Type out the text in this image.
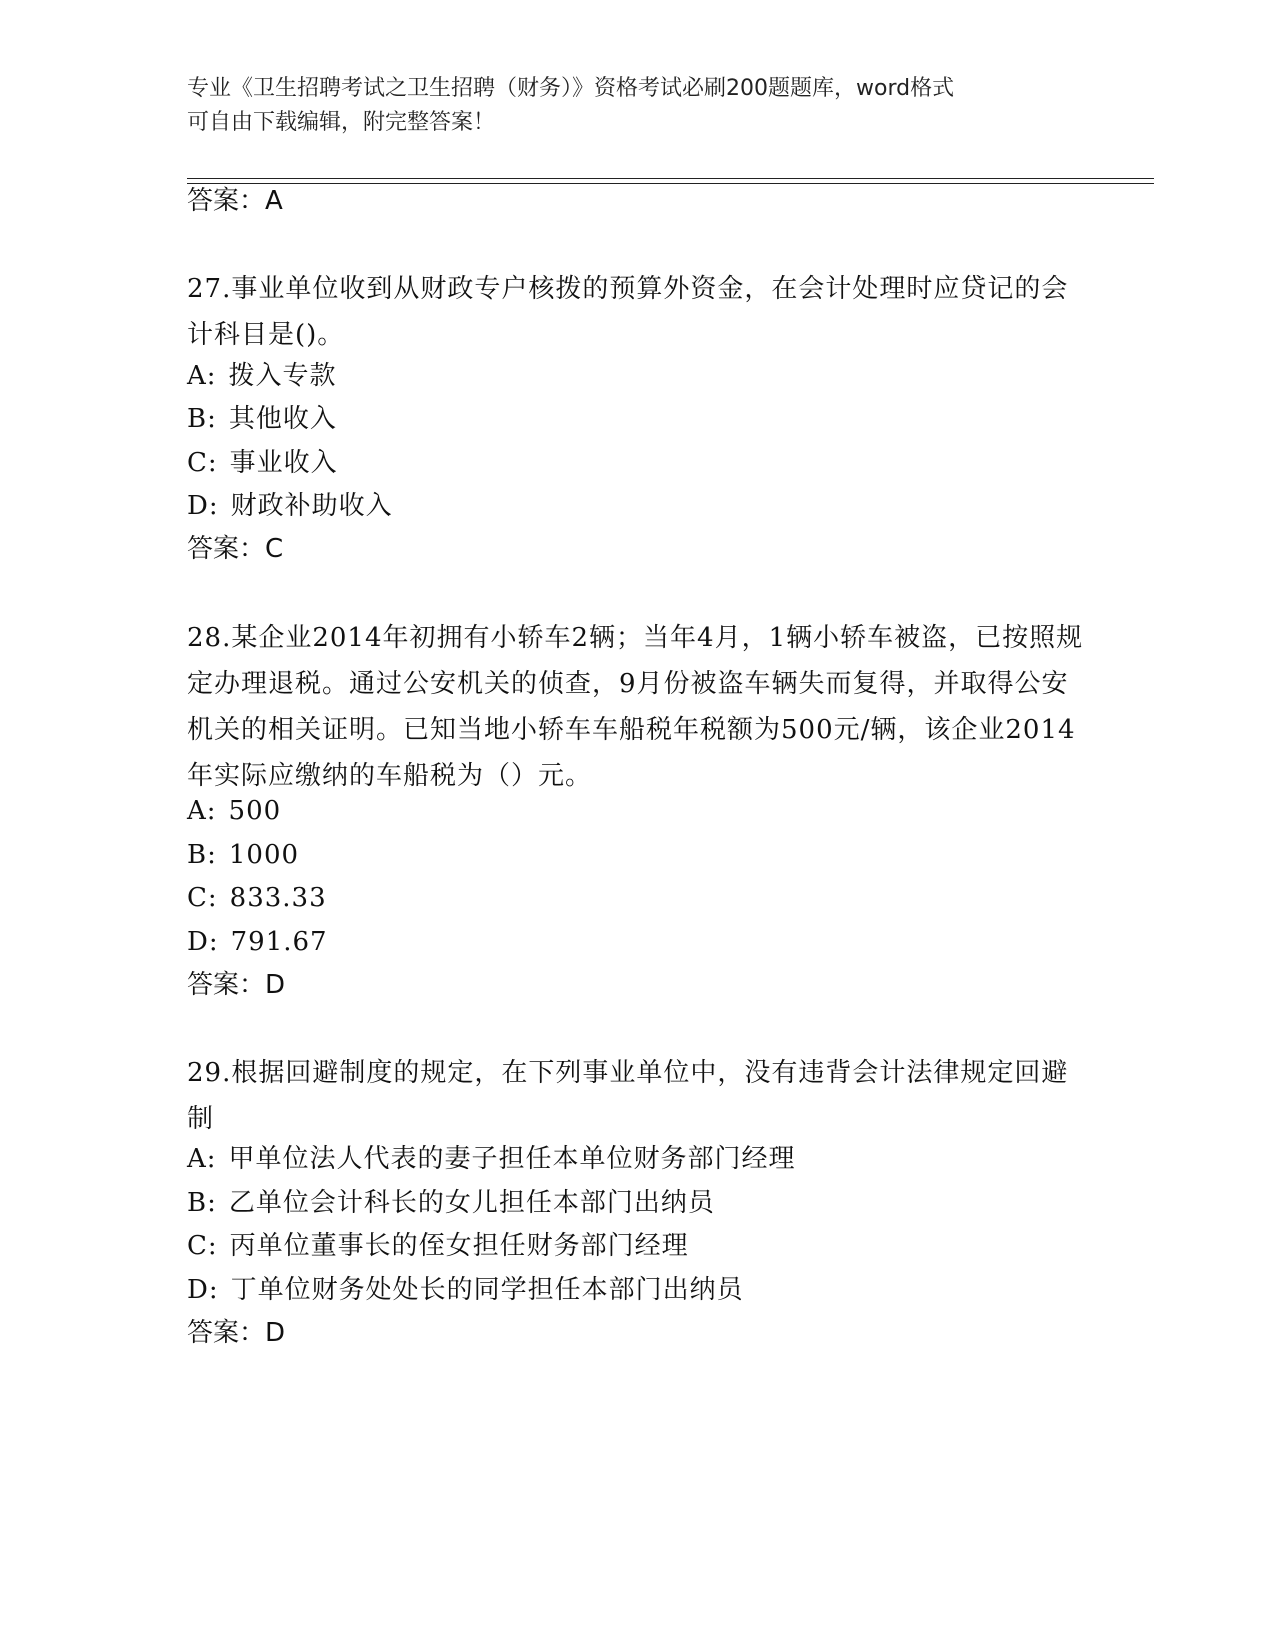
专业《卫生招聘考试之卫生招聘（财务）》资格考试必刷200题题库，word格式
可自由下载编辑，附完整答案！
答案：A
27.事业单位收到从财政专户核拨的预算外资金，在会计处理时应贷记的会计科目是()。
A: 拨入专款
B: 其他收入
C: 事业收入
D: 财政补助收入
答案：C
28.某企业2014年初拥有小轿车2辆；当年4月，1辆小轿车被盗，已按照规定办理退税。通过公安机关的侦查，9月份被盗车辆失而复得，并取得公安机关的相关证明。已知当地小轿车车船税年税额为500元/辆，该企业2014年实际应缴纳的车船税为（）元。
A: 500
B: 1000
C: 833.33
D: 791.67
答案：D
29.根据回避制度的规定，在下列事业单位中，没有违背会计法律规定回避制
A: 甲单位法人代表的妻子担任本单位财务部门经理
B: 乙单位会计科长的女儿担任本部门出纳员
C: 丙单位董事长的侄女担任财务部门经理
D: 丁单位财务处处长的同学担任本部门出纳员
答案：D
